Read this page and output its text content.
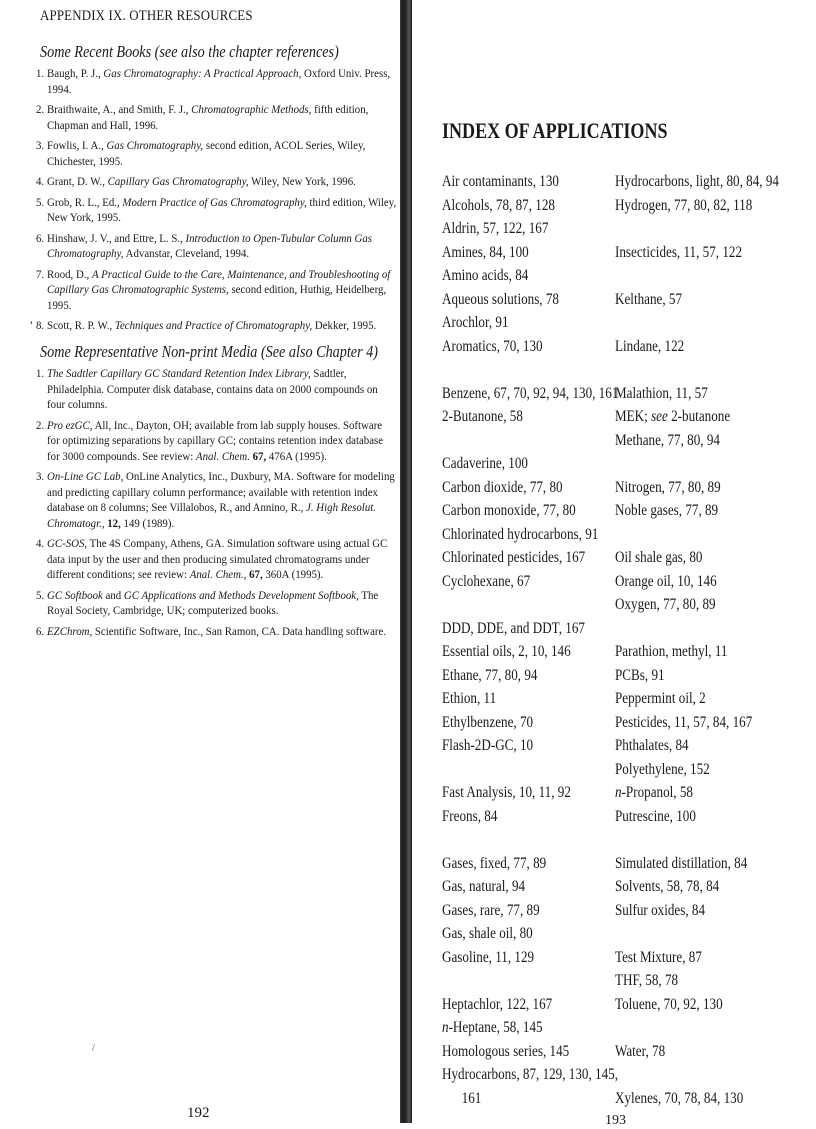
APPENDIX IX. OTHER RESOURCES
Some Recent Books (see also the chapter references)
1. Baugh, P. J., Gas Chromatography: A Practical Approach, Oxford Univ. Press, 1994.
2. Braithwaite, A., and Smith, F. J., Chromatographic Methods, fifth edition, Chapman and Hall, 1996.
3. Fowlis, I. A., Gas Chromatography, second edition, ACOL Series, Wiley, Chichester, 1995.
4. Grant, D. W., Capillary Gas Chromatography, Wiley, New York, 1996.
5. Grob, R. L., Ed., Modern Practice of Gas Chromatography, third edition, Wiley, New York, 1995.
6. Hinshaw, J. V., and Ettre, L. S., Introduction to Open-Tubular Column Gas Chromatography, Advanstar, Cleveland, 1994.
7. Rood, D., A Practical Guide to the Care, Maintenance, and Troubleshooting of Capillary Gas Chromatographic Systems, second edition, Huthig, Heidelberg, 1995.
’ 8. Scott, R. P. W., Techniques and Practice of Chromatography, Dekker, 1995.
Some Representative Non-print Media (See also Chapter 4)
1. The Sadtler Capillary GC Standard Retention Index Library, Sadtler, Philadelphia. Computer disk database, contains data on 2000 compounds on four columns.
2. Pro ezGC, All, Inc., Dayton, OH; available from lab supply houses. Software for optimizing separations by capillary GC; contains retention index database for 3000 compounds. See review: Anal. Chem. 67, 476A (1995).
3. On-Line GC Lab, OnLine Analytics, Inc., Duxbury, MA. Software for modeling and predicting capillary column performance; available with retention index database on 8 columns; See Villalobos, R., and Annino, R., J. High Resolut. Chromatogr., 12, 149 (1989).
4. GC-SOS, The 4S Company, Athens, GA. Simulation software using actual GC data input by the user and then producing simulated chromatograms under different conditions; see review: Anal. Chem., 67, 360A (1995).
5. GC Softbook and GC Applications and Methods Development Softbook, The Royal Society, Cambridge, UK; computerized books.
6. EZChrom, Scientific Software, Inc., San Ramon, CA. Data handling software.
/
192
INDEX OF APPLICATIONS
Air contaminants, 130
Alcohols, 78, 87, 128
Aldrin, 57, 122, 167
Amines, 84, 100
Amino acids, 84
Aqueous solutions, 78
Arochlor, 91
Aromatics, 70, 130
Benzene, 67, 70, 92, 94, 130, 161
2-Butanone, 58
Cadaverine, 100
Carbon dioxide, 77, 80
Carbon monoxide, 77, 80
Chlorinated hydrocarbons, 91
Chlorinated pesticides, 167
Cyclohexane, 67
DDD, DDE, and DDT, 167
Essential oils, 2, 10, 146
Ethane, 77, 80, 94
Ethion, 11
Ethylbenzene, 70
Flash-2D-GC, 10
Fast Analysis, 10, 11, 92
Freons, 84
Gases, fixed, 77, 89
Gas, natural, 94
Gases, rare, 77, 89
Gas, shale oil, 80
Gasoline, 11, 129
Heptachlor, 122, 167
n-Heptane, 58, 145
Homologous series, 145
Hydrocarbons, 87, 129, 130, 145,
161
Hydrocarbons, light, 80, 84, 94
Hydrogen, 77, 80, 82, 118
Insecticides, 11, 57, 122
Kelthane, 57
Lindane, 122
Malathion, 11, 57
MEK; see 2-butanone
Methane, 77, 80, 94
Nitrogen, 77, 80, 89
Noble gases, 77, 89
Oil shale gas, 80
Orange oil, 10, 146
Oxygen, 77, 80, 89
Parathion, methyl, 11
PCBs, 91
Peppermint oil, 2
Pesticides, 11, 57, 84, 167
Phthalates, 84
Polyethylene, 152
n-Propanol, 58
Putrescine, 100
Simulated distillation, 84
Solvents, 58, 78, 84
Sulfur oxides, 84
Test Mixture, 87
THF, 58, 78
Toluene, 70, 92, 130
Water, 78
Xylenes, 70, 78, 84, 130
193
